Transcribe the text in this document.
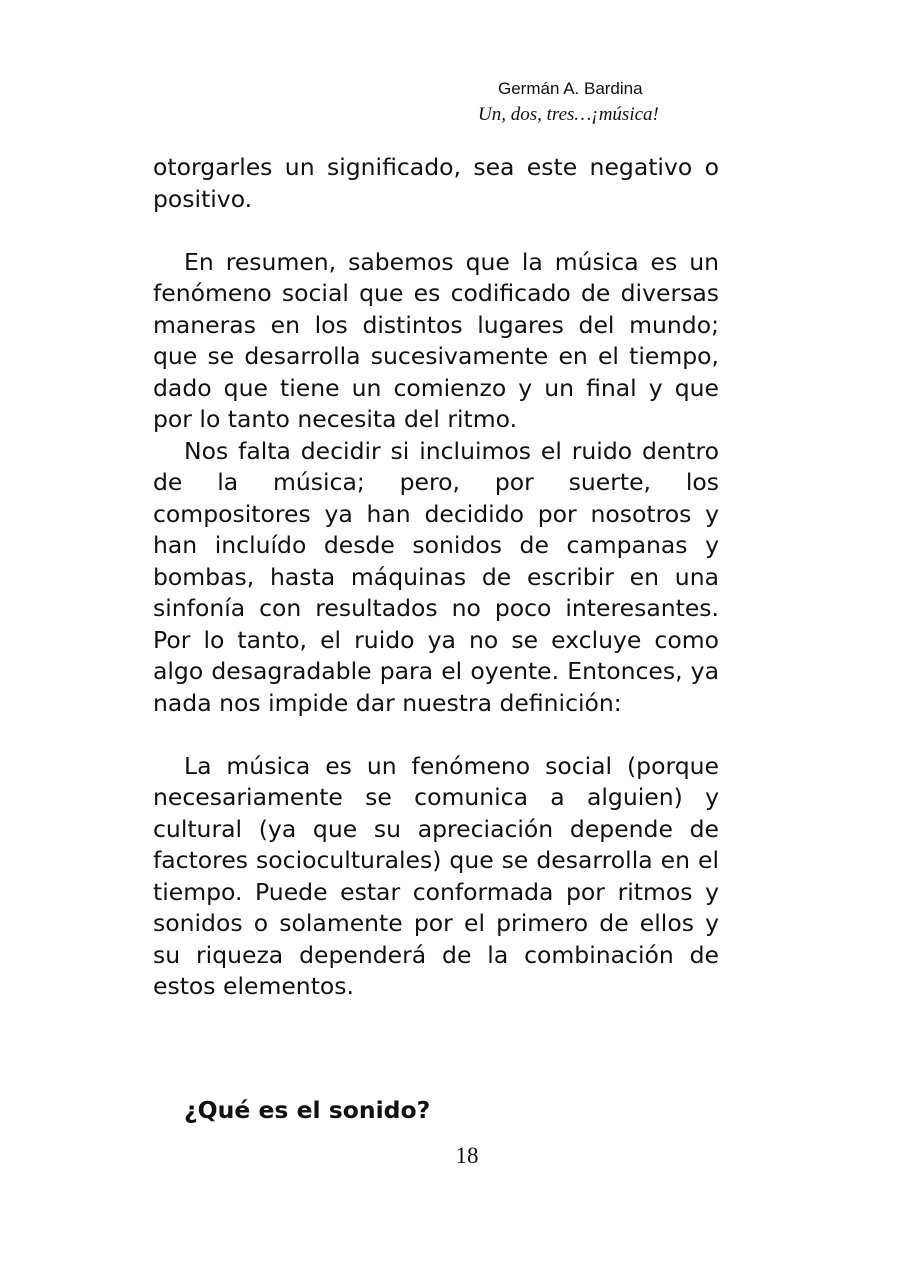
Germán A. Bardina
Un, dos, tres…¡música!

otorgarles un significado, sea este negativo o positivo.

En resumen, sabemos que la música es un fenómeno social que es codificado de diversas maneras en los distintos lugares del mundo; que se desarrolla sucesivamente en el tiempo, dado que tiene un comienzo y un final y que por lo tanto necesita del ritmo.

Nos falta decidir si incluimos el ruido dentro de la música; pero, por suerte, los compositores ya han decidido por nosotros y han incluído desde sonidos de campanas y bombas, hasta máquinas de escribir en una sinfonía con resultados no poco interesantes. Por lo tanto, el ruido ya no se excluye como algo desagradable para el oyente. Entonces, ya nada nos impide dar nuestra definición:

La música es un fenómeno social (porque necesariamente se comunica a alguien) y cultural (ya que su apreciación depende de factores socioculturales) que se desarrolla en el tiempo. Puede estar conformada por ritmos y sonidos o solamente por el primero de ellos y su riqueza dependerá de la combinación de estos elementos.

¿Qué es el sonido?
18
